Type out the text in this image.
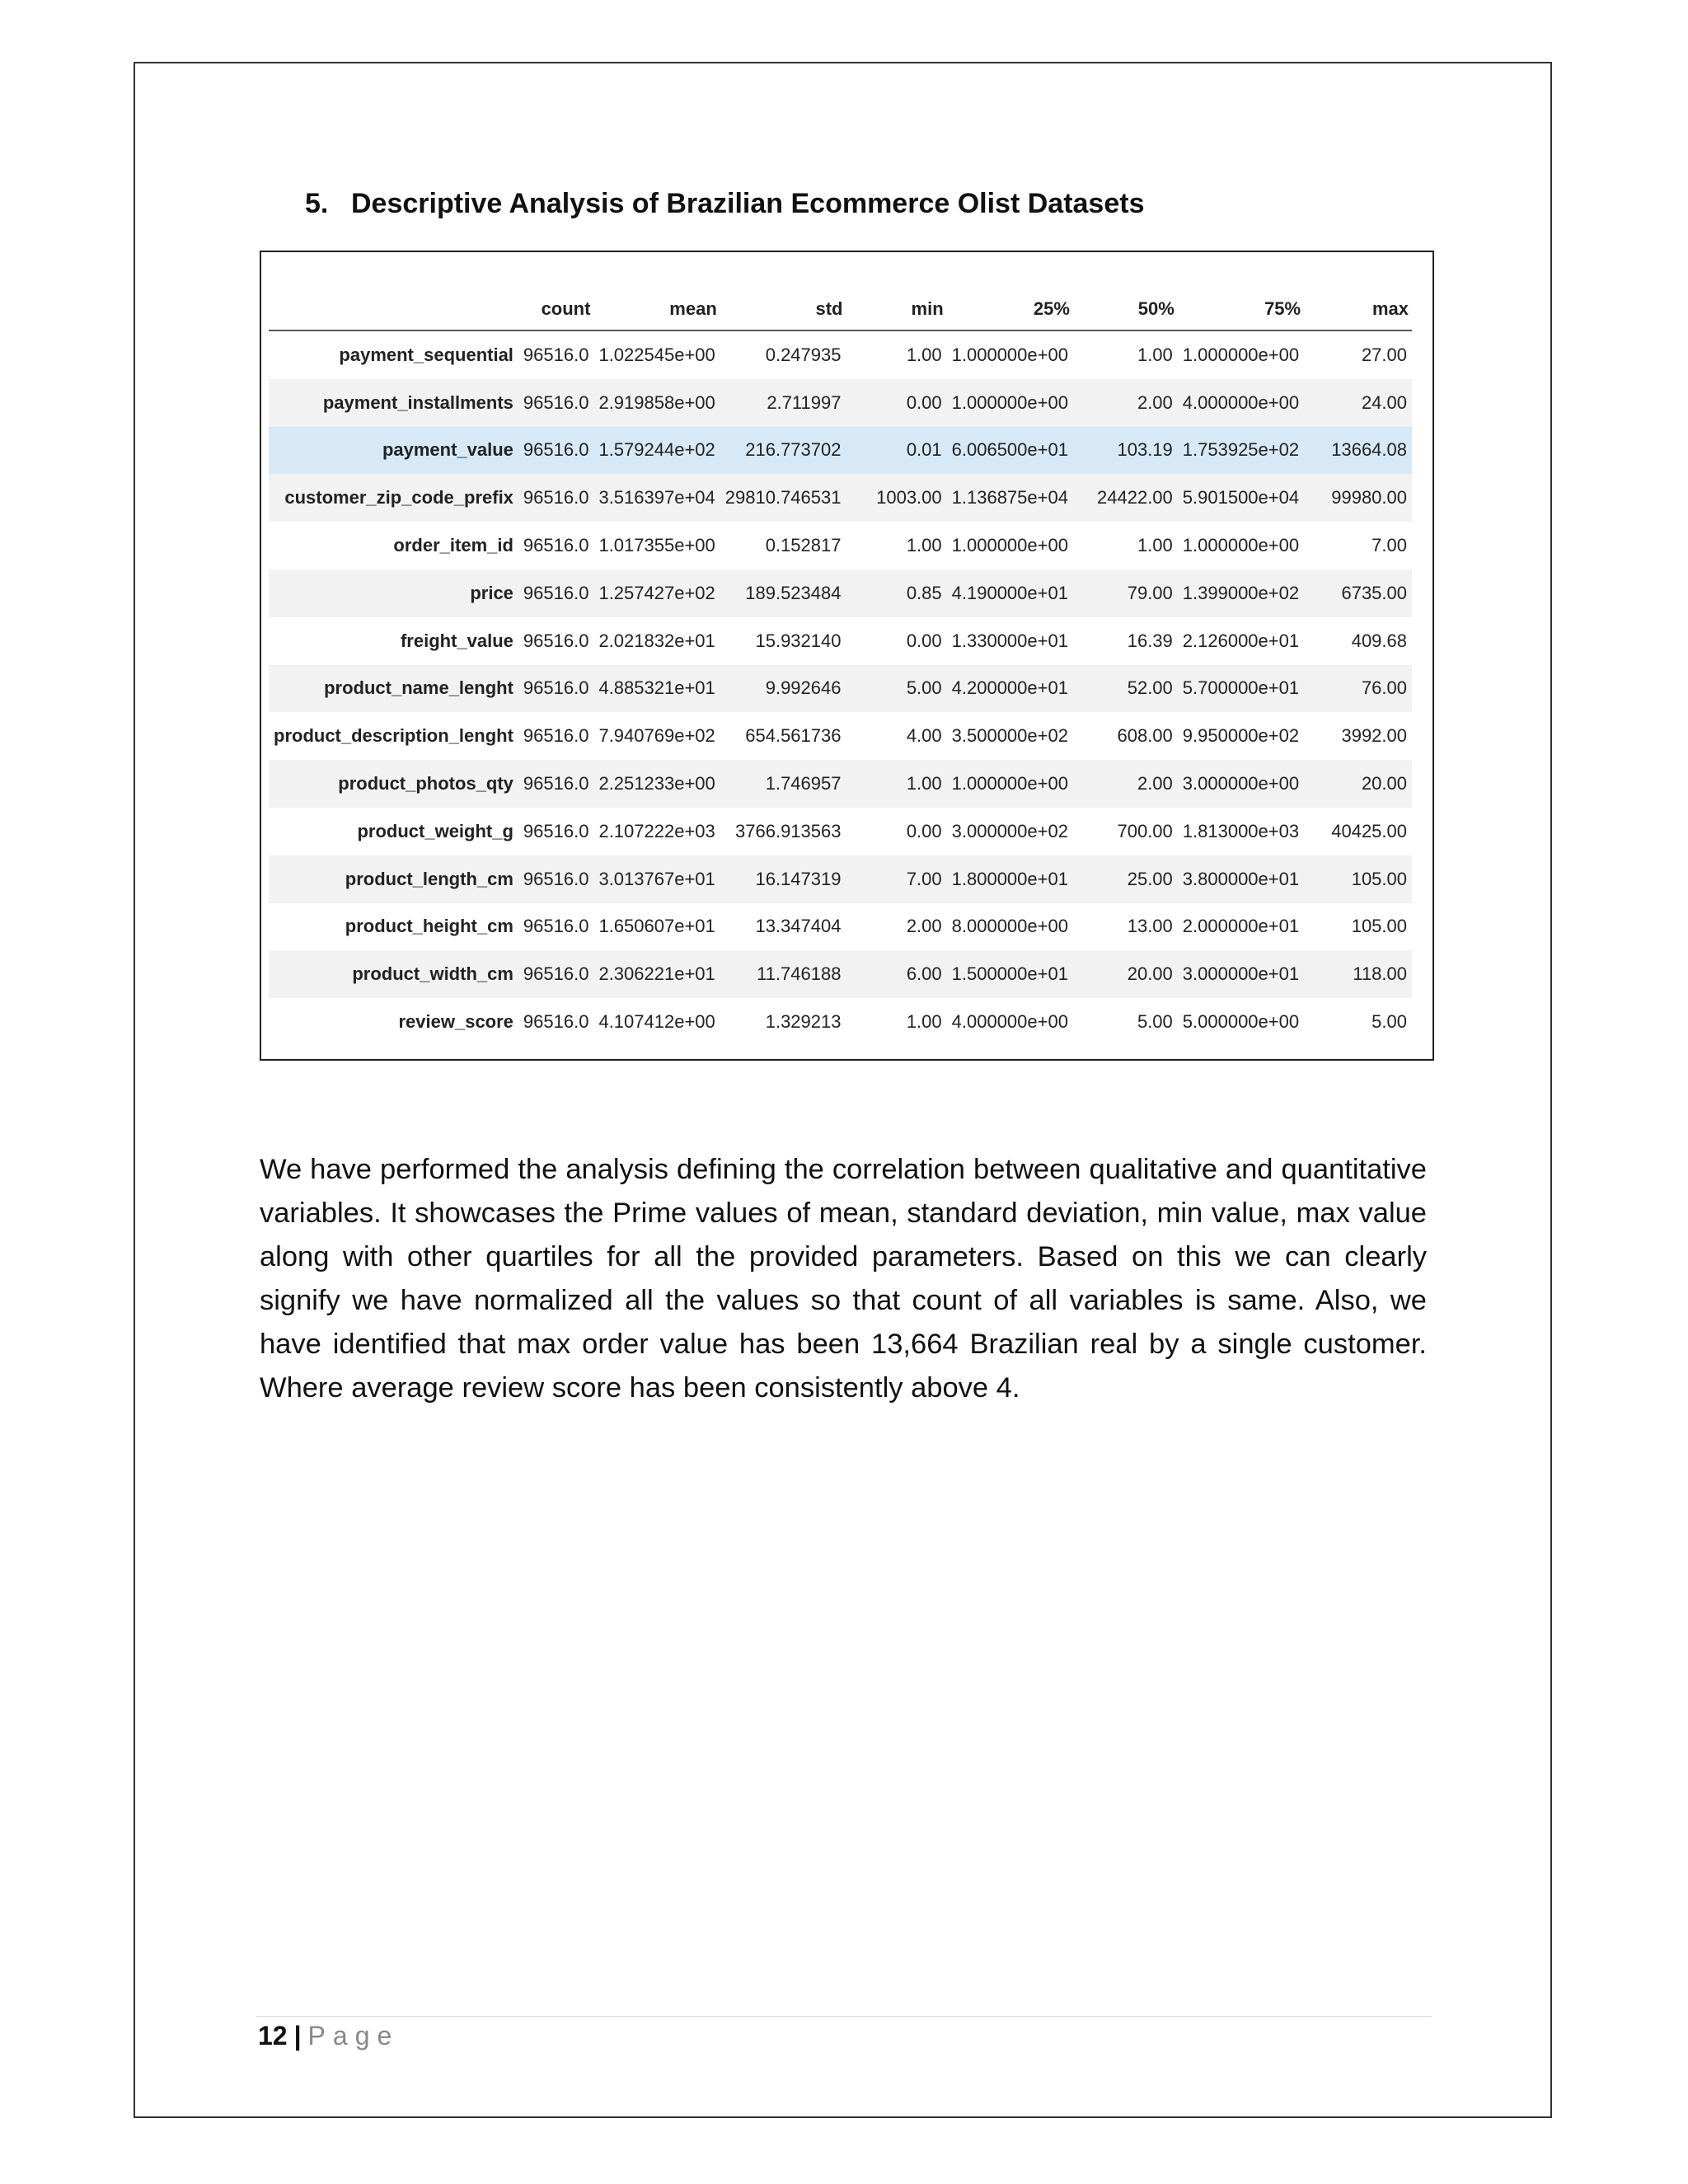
5. Descriptive Analysis of Brazilian Ecommerce Olist Datasets
	count	mean	std	min	25%	50%	75%	max
payment_sequential	96516.0	1.022545e+00	0.247935	1.00	1.000000e+00	1.00	1.000000e+00	27.00
payment_installments	96516.0	2.919858e+00	2.711997	0.00	1.000000e+00	2.00	4.000000e+00	24.00
payment_value	96516.0	1.579244e+02	216.773702	0.01	6.006500e+01	103.19	1.753925e+02	13664.08
customer_zip_code_prefix	96516.0	3.516397e+04	29810.746531	1003.00	1.136875e+04	24422.00	5.901500e+04	99980.00
order_item_id	96516.0	1.017355e+00	0.152817	1.00	1.000000e+00	1.00	1.000000e+00	7.00
price	96516.0	1.257427e+02	189.523484	0.85	4.190000e+01	79.00	1.399000e+02	6735.00
freight_value	96516.0	2.021832e+01	15.932140	0.00	1.330000e+01	16.39	2.126000e+01	409.68
product_name_lenght	96516.0	4.885321e+01	9.992646	5.00	4.200000e+01	52.00	5.700000e+01	76.00
product_description_lenght	96516.0	7.940769e+02	654.561736	4.00	3.500000e+02	608.00	9.950000e+02	3992.00
product_photos_qty	96516.0	2.251233e+00	1.746957	1.00	1.000000e+00	2.00	3.000000e+00	20.00
product_weight_g	96516.0	2.107222e+03	3766.913563	0.00	3.000000e+02	700.00	1.813000e+03	40425.00
product_length_cm	96516.0	3.013767e+01	16.147319	7.00	1.800000e+01	25.00	3.800000e+01	105.00
product_height_cm	96516.0	1.650607e+01	13.347404	2.00	8.000000e+00	13.00	2.000000e+01	105.00
product_width_cm	96516.0	2.306221e+01	11.746188	6.00	1.500000e+01	20.00	3.000000e+01	118.00
review_score	96516.0	4.107412e+00	1.329213	1.00	4.000000e+00	5.00	5.000000e+00	5.00
We have performed the analysis defining the correlation between qualitative and quantitative variables. It showcases the Prime values of mean, standard deviation, min value, max value along with other quartiles for all the provided parameters. Based on this we can clearly signify we have normalized all the values so that count of all variables is same. Also, we have identified that max order value has been 13,664 Brazilian real by a single customer. Where average review score has been consistently above 4.
12 | Page
